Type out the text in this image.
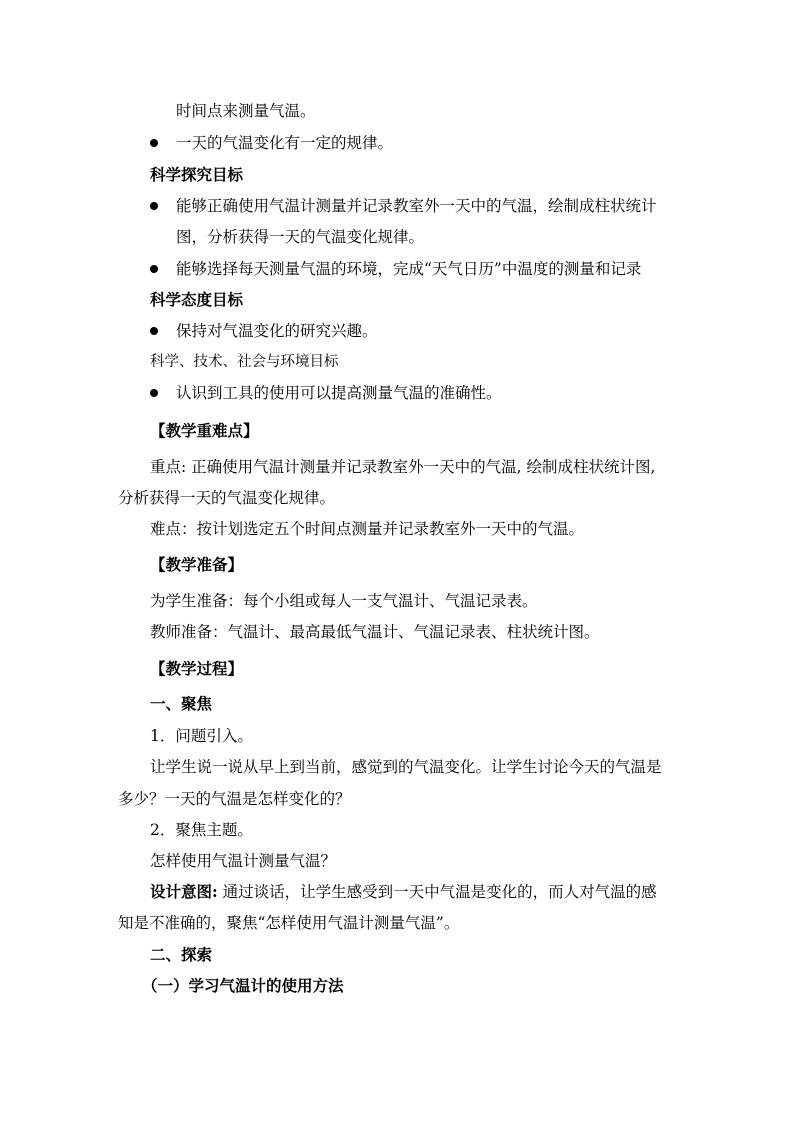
时间点来测量气温。
一天的气温变化有一定的规律。
科学探究目标
能够正确使用气温计测量并记录教室外一天中的气温，绘制成柱状统计
图，分析获得一天的气温变化规律。
能够选择每天测量气温的环境，完成“天气日历”中温度的测量和记录
科学态度目标
保持对气温变化的研究兴趣。
科学、技术、社会与环境目标
认识到工具的使用可以提高测量气温的准确性。
【教学重难点】
重点: 正确使用气温计测量并记录教室外一天中的气温, 绘制成柱状统计图,
分析获得一天的气温变化规律。
难点：按计划选定五个时间点测量并记录教室外一天中的气温。
【教学准备】
为学生准备：每个小组或每人一支气温计、气温记录表。
教师准备：气温计、最高最低气温计、气温记录表、柱状统计图。
【教学过程】
一、聚焦
1．问题引入。
让学生说一说从早上到当前，感觉到的气温变化。让学生讨论今天的气温是
多少？一天的气温是怎样变化的？
2．聚焦主题。
怎样使用气温计测量气温？
设计意图: 通过谈话，让学生感受到一天中气温是变化的，而人对气温的感
知是不准确的，聚焦“怎样使用气温计测量气温”。
二、探索
（一）学习气温计的使用方法
